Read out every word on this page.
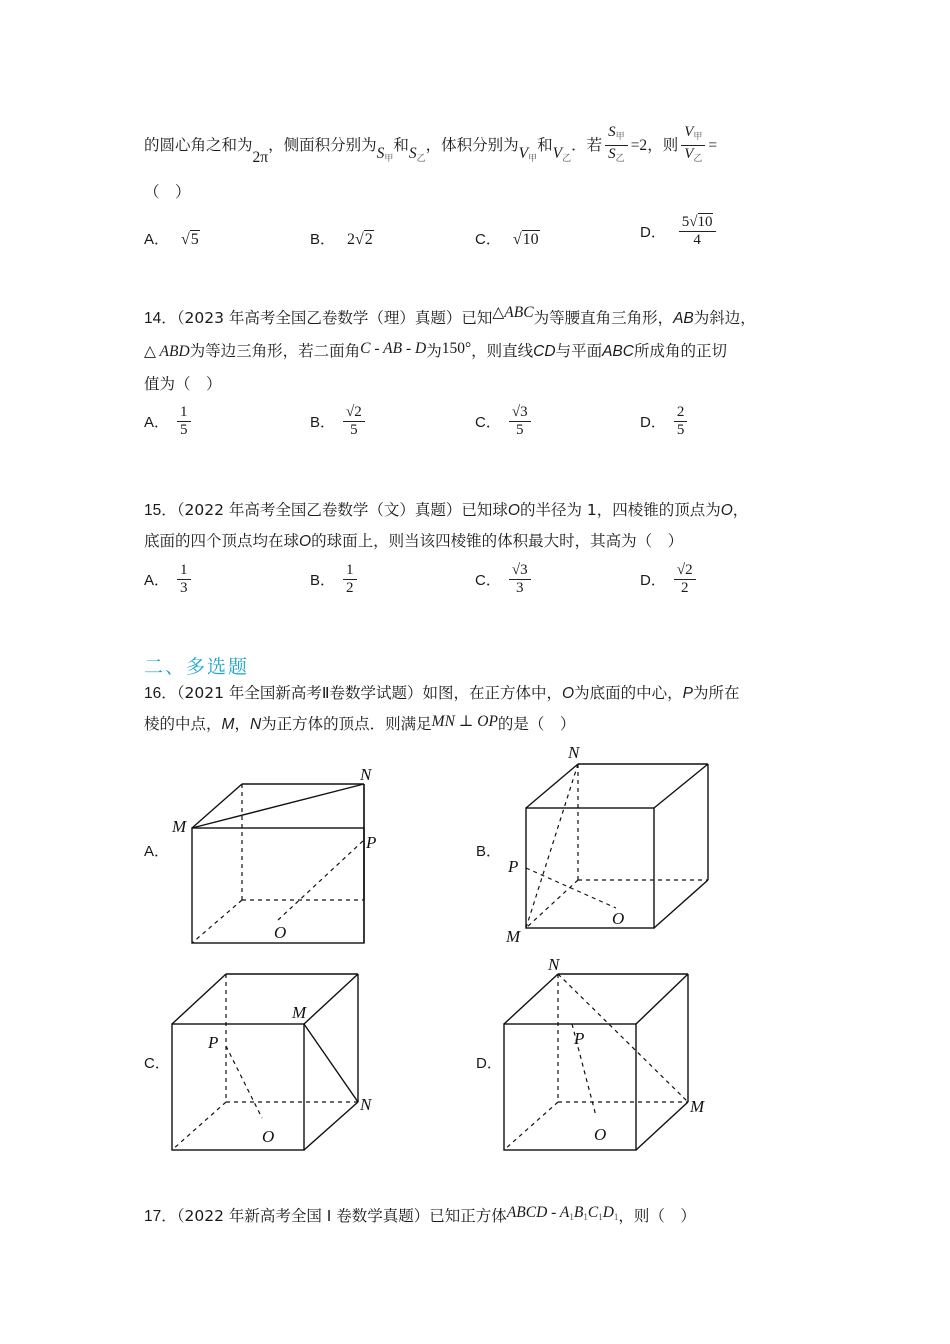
的圆心角之和为2π，侧面积分别为$S_甲$和$S_乙$，体积分别为$V_甲$和$V_乙$．若 $\frac{S_甲}{S_乙} =2$，则 $\frac{V_甲}{V_乙}$ =
（　）
A． √5	B． 2√2	C． √10	D． $\frac{5√10}{4}$
14．（2023 年高考全国乙卷数学（理）真题）已知△ABC为等腰直角三角形，AB为斜边，
△ ABD为等边三角形，若二面角C - AB - D为150°，则直线CD与平面ABC所成角的正切
值为（　）
A． $\frac{1}{5}$	B． $\frac{√2}{5}$	C． $\frac{√3}{5}$	D． $\frac{2}{5}$
15．（2022 年高考全国乙卷数学（文）真题）已知球O的半径为 1，四棱锥的顶点为O，
底面的四个顶点均在球O的球面上，则当该四棱锥的体积最大时，其高为（　）
A． $\frac{1}{3}$	B． $\frac{1}{2}$	C． $\frac{√3}{3}$	D． $\frac{√2}{2}$
二、多选题
16．（2021 年全国新高考Ⅱ卷数学试题）如图，在正方体中，O为底面的中心，P为所在
棱的中点，M，N为正方体的顶点．则满足MN ⊥ OP的是（　）
A．	B．
C．	D．
M
N
P
O
N
M
P
O
M
N
P
O
N
M
P
O
17．（2022 年新高考全国 I 卷数学真题）已知正方体ABCD - $A_1B_1C_1D_1$，则（　）
